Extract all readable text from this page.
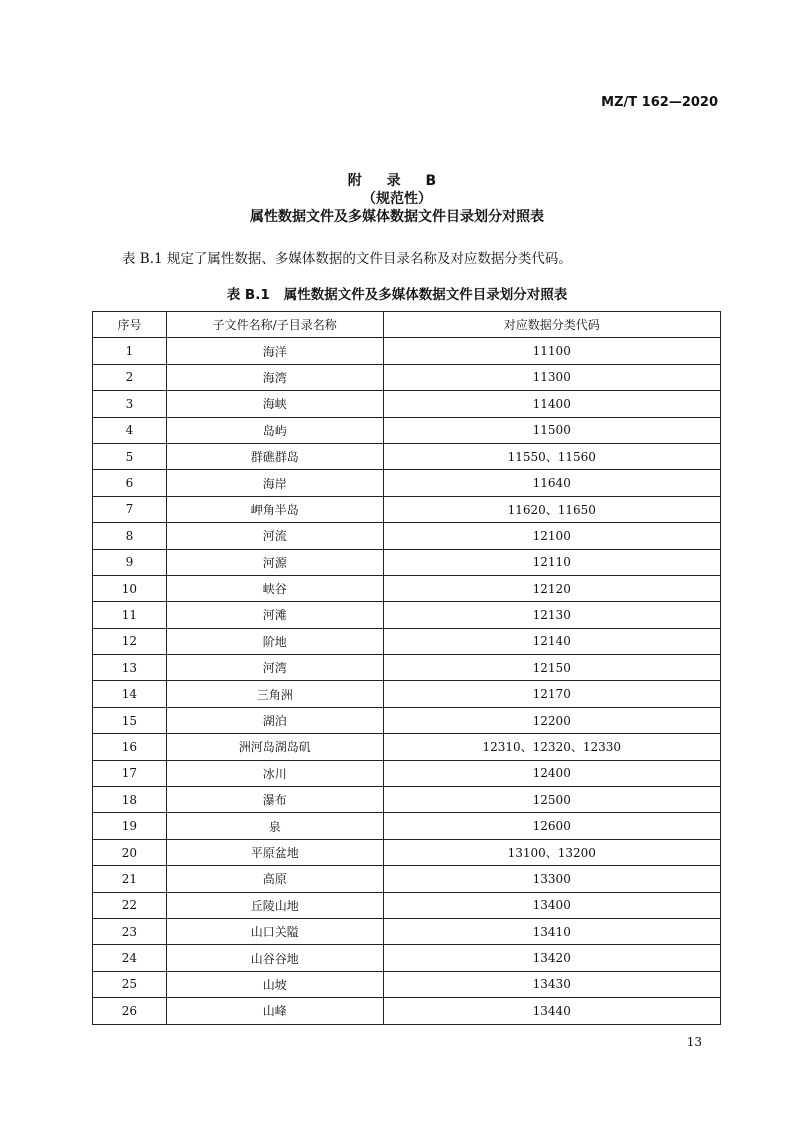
MZ/T 162—2020
附 录 B
（规范性）
属性数据文件及多媒体数据文件目录划分对照表
表 B.1 规定了属性数据、多媒体数据的文件目录名称及对应数据分类代码。
表 B.1 属性数据文件及多媒体数据文件目录划分对照表
序号	子文件名称/子目录名称	对应数据分类代码
1	海洋	11100
2	海湾	11300
3	海峡	11400
4	岛屿	11500
5	群礁群岛	11550、11560
6	海岸	11640
7	岬角半岛	11620、11650
8	河流	12100
9	河源	12110
10	峡谷	12120
11	河滩	12130
12	阶地	12140
13	河湾	12150
14	三角洲	12170
15	湖泊	12200
16	洲河岛湖岛矶	12310、12320、12330
17	冰川	12400
18	瀑布	12500
19	泉	12600
20	平原盆地	13100、13200
21	高原	13300
22	丘陵山地	13400
23	山口关隘	13410
24	山谷谷地	13420
25	山坡	13430
26	山峰	13440
13
